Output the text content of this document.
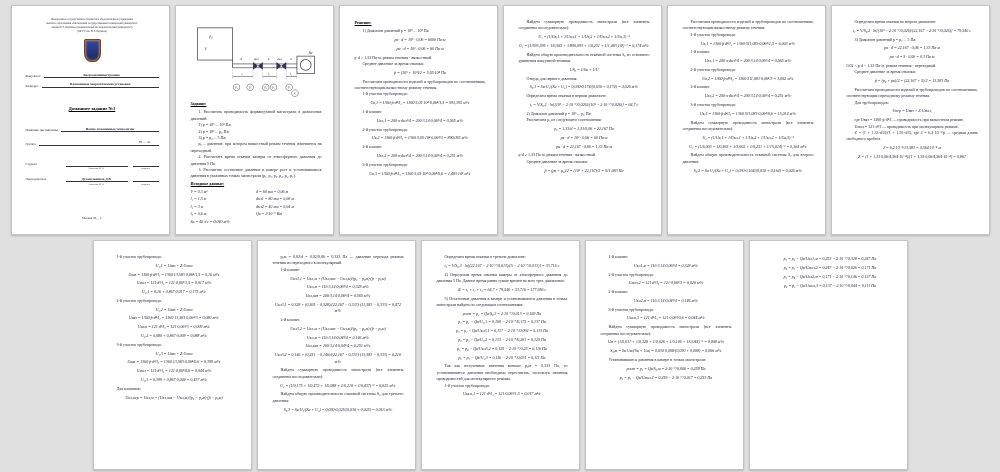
Федеральное государственное бюджетное образовательное учреждение
высшего образования «Московский государственный технический университет
имени Н.Э. Баумана» (национальный исследовательский университет)
(МГТУ им. Н.Э. Баумана)
Факультет:	Энергомашиностроение
Кафедра:	Плазменные энергетические установки
Домашнее задание №1
Название дисциплины	Ионно-плазменные технологии
Группа	Э8 — 41
Студент
Фамилия И. О.	подпись
Преподаватель	Духопельников Д.В.
Фамилия И. О.	подпись
Москва 20__ г.
p₀
V
Sн
d	dкл	d	dкл	d
l₁	l₂	l₃
P₁	P₂	P₃	P₄	P₅
P₆
Задание:
1. Рассчитать проводимость форвакуумной магистрали в диапазонах давлений:
1) p = 10⁵ ... 10³ Па;
2) p = 10³ ... p₀ Па;
3) p = p₀ ... 5 Па;
p₀ – давление, при котором вязкостный режим течения изменяется на переходный.
2. Рассчитать время откачки камеры от атмосферного давления до давления 5 Па.
3. Рассчитать остаточное давление в камере pост и установившиеся давления в указанных точках магистрали (p₁, p₂, p₃, p₄, p₅, p₆).
Исходные данные:
V = 0,3 м³	d = 60 мм = 0,06 м
l₁ = 1,5 м	dкл1 = 80 мм = 0,08 м
l₂ = 3 м	dкл2 = 40 мм = 0,04 м
l₃ = 0,6 м	Qв = 2·10⁻⁷ Вт
Sн = 40 л/с = 0,040 м³/с
Решение:
1) Диапазон давлений p = 10⁵ ... 10³ Па:
pв · d = 10⁵ · 0,06 = 6000 Па·м
pн · d = 10³ · 0,06 = 60 Па·м
p·d > 1,33 Па·м, режим течения - вязкостный.
Среднее давление за время откачки:
p̄ = (10⁵ + 10³)/2 = 5,05·10⁴ Па
Рассчитаем проводимости изделий и трубопроводов по соотношениям, соответствующим вязкостному режиму течения.
1-й участок трубопровода:
Uв,1 = 1360·p̄·d⁴/l₁ = 1360·5,05·10⁴·0,06⁴/1,5 = 593,395 м³/с
1-й клапан:
Uкл,1 = 200·π·dкл²/4 = 200·3,14·0,06²/4 = 0,565 м³/с
2-й участок трубопровода:
Uв,2 = 1360·p̄·d⁴/l₂ = 1360·5,05·10⁴·0,06⁴/3 = 890,093 м³/с
2-й клапан:
Uкл,2 = 200·π·dкл²/4 = 200·3,14·0,04²/4 = 0,251 м³/с
3-й участок трубопровода:
Uв,3 = 1360·p̄·d⁴/l₃ = 1360·5,05·10⁴·0,06⁴/0,6 = 1,483·10³ м³/с
Найдем суммарную проводимость магистрали (все элементы соединены последовательно):
U₁ = (1/Uв,1 + 1/Uкл,1 + 1/Uв,2 + 1/Uкл,2 + 1/Uв,3)⁻¹
U₁ = (1/593,395 + 1/0,565 + 1/890,093 + 1/0,251 + 1/1,483·10³)⁻¹ = 0,174 м³/с
Найдем общую производительность откачной системы S₀ из основного уравнения вакуумной техники:
1/S₀ = 1/Sн + 1/U
Откуда для первого давления:
S₀,1 = Sн·U₁/(Sн + U₁) = 0,030·0,174/(0,030 + 0,174) = 0,026 м³/с
Определим время откачки в первом диапазоне:
t₁ = V/S₀,1 · ln[(10⁵ − 2·10⁻⁷/0,026)/(10³ − 2·10⁻⁷/0,026)] = 64,7 с
2) Диапазон давлений p = 10³ ... p₀ Па:
Рассчитаем p₀ из следующего соотношения:
p₀ = 1,33/d = 1,33/0,06 = 22,167 Па
pв · d = 10³ · 0,06 = 60 Па·м
pн · d = 22,167 · 0,06 = 1,33 Па·м
p·d ≥ 1,33 Па·м, режим течения - вязкостный.
Среднее давление за время откачки:
p̄ = (pв + p₀)/2 = (10³ + 22,167)/2 = 511,083 Па
Рассчитаем проводимости изделий и трубопроводов по соотношениям, соответствующим вязкостному режиму течения:
1-й участок трубопровода:
Uв,1 = 1360·p̄·d⁴/l₁ = 1360·511,083·0,06⁴/1,5 = 6,003 м³/с
1-й клапан:
Uкл,1 = 200·π·dкл²/4 = 200·3,14·0,06²/4 = 0,565 м³/с
2-й участок трубопровода:
Uв,2 = 1360·p̄·d⁴/l₂ = 1360·511,083·0,06⁴/3 = 3,002 м³/с
2-й клапан:
Uкл,2 = 200·π·dкл²/4 = 200·3,14·0,04²/4 = 0,251 м³/с
3-й участок трубопровода:
Uв,3 = 1360·p̄·d⁴/l₃ = 1360·511,083·0,06⁴/0,6 = 15,014 м³/с
Найдем суммарную проводимость магистрали (все элементы соединены последовательно):
U₂ = (1/Uв,1 + 1/Uкл,1 + 1/Uв,2 + 1/Uкл,2 + 1/Uв,3)⁻¹
U₂ = (1/6,003 + 1/0,565 + 1/3,002 + 1/0,251 + 1/15,014)⁻¹ = 0,164 м³/с
Найдем общую производительность откачной системы S₀ для второго давления:
S₀,2 = Sн·U₂/(Sн + U₂) = 0,030·0,164/(0,030 + 0,164) = 0,026 м³/с
Определим время откачки во втором диапазоне:
t₂ = V/S₀,2 · ln[(10³ − 2·10⁻⁷/0,026)/(22,167 − 2·10⁻⁷/0,026)] = 79,540 с
3) Диапазон давлений p = p₀ ... 5 Па:
pв · d = 22,167 · 0,06 = 1,33 Па·м
pн · d = 5 · 0,06 = 0,3 Па·м
0,02 < p·d < 1,33 Па·м, режим течения - переходный.
Среднее давление за время откачки:
p̄ = (p₀ + pк)/2 = (22,167 + 5)/2 = 13,583 Па
Рассчитаем проводимости изделий и трубопроводов по соотношениям, соответствующим переходному режиму течения.
Для трубопроводов:
Uпер = Uвяз + Z·Uмол,
где Uвяз = 1360·p̄·d⁴/l — проводимость при вязкостном режиме,
Uмол = 121·d³/l — проводимость при молекулярном режиме,
Z = (1 + 1,33·d/λ̄)/(1 + 1,55·d/λ̄), где λ̄ = 6,2·10⁻³/p̄ — средняя длина свободного пробега.
λ̄ = 6,2·10⁻³/13,583 = 4,564·10⁻⁴ м
Z = (1 + 1,33·0,06/4,564·10⁻⁴)/(1 + 1,55·0,06/4,564·10⁻⁴) = 0,867
1-й участок трубопровода:
U₃,1 = Uвяз + Z·Uмол
Uвяз = 1360·p̄·d⁴/l₁ = 1360·13,583·0,06⁴/1,5 = 0,16 м³/с
Uмол = 121·d³/l₁ = 121·0,06³/1,5 = 0,017 м³/с
U₃,1 = 0,16 + 0,867·0,017 = 0,175 м³/с
2-й участок трубопровода:
U₃,2 = Uвяз + Z·Uмол
Uвяз = 1360·p̄·d⁴/l₂ = 1360·13,583·0,06⁴/3 = 0,080 м³/с
Uмол = 121·d³/l₂ = 121·0,06³/3 = 0,009 м³/с
U₃,2 = 0,080 + 0,867·0,009 = 0,088 м³/с
3-й участок трубопровода:
U₃,3 = Uвяз + Z·Uмол
Uвяз = 1360·p̄·d⁴/l₃ = 1360·13,583·0,06⁴/0,6 = 0,399 м³/с
Uмол = 121·d³/l₃ = 121·0,06³/0,6 = 0,044 м³/с
U₃,3 = 0,399 + 0,867·0,044 = 0,437 м³/с
Для клапанов:
Uкл,пер = Uкл,м + (Uкл,вяз − Uкл,м)/(p₀ − p₀м)·(p̄ − p₀м)
p₀м = 0,02/d = 0,02/0,06 = 0,333 Па — давление перехода режима течения из переходного в молекулярный.
1-й клапан:
Uкл3,1 = Uкл,м + (Uкл,вяз − Uкл,м)/(p₀ − p₀м)·(p̄ − p₀м)
Uкл,м = 116·3,14·0,06²/4 = 0,328 м³/с
Uкл,вяз = 200·3,14·0,06²/4 = 0,565 м³/с
Uкл3,1 = 0,328 + (0,565 − 0,328)/(22,167 − 0,333)·(13,583 − 0,333) = 0,472 м³/с
2-й клапан:
Uкл3,2 = Uкл,м + (Uкл,вяз − Uкл,м)/(p₀ − p₀м)·(p̄ − p₀м)
Uкл,м = 116·3,14·0,04²/4 = 0,146 м³/с
Uкл,вяз = 200·3,14·0,04²/4 = 0,251 м³/с
Uкл3,2 = 0,146 + (0,251 − 0,146)/(22,167 − 0,333)·(13,583 − 0,333) = 0,210 м³/с
Найдем суммарную проводимость магистрали (все элементы соединены последовательно):
U₃ = (1/0,175 + 1/0,472 + 1/0,088 + 1/0,210 + 1/0,437)⁻¹ = 0,025 м³/с
Найдем общую производительность откачной системы S₀ для третьего давления:
S₀,3 = Sн·U₃/(Sн + U₃) = 0,030·0,025/(0,030 + 0,025) = 0,013 м³/с
Определим время откачки в третьем диапазоне:
t₃ = V/S₀,3 · ln[(22,167 − 2·10⁻⁷/0,013)/(5 − 2·10⁻⁷/0,013)] = 33,716 с
4) Определим время откачки камеры от атмосферного давления до давления 5 Па. Данное время равно сумме времен на всех трех диапазонах:
tΣ = t₁ + t₂ + t₃ = 64,7 + 79,540 + 33,716 = 177,956 с
5) Остаточные давления в камере и установившиеся давления в точках магистрали найдем по следующим соотношениям:
pост = p₁ = Qв/S₀,3 = 2·10⁻⁷/0,013 = 0,169 Па
p₂ = p₁ − Qв/U₃,1 = 0,169 − 2·10⁻⁷/0,175 = 0,137 Па
p₃ = p₂ − Qв/Uкл3,1 = 0,137 − 2·10⁻⁷/0,092 = 0,133 Па
p₄ = p₃ − Qв/U₃,2 = 0,133 − 2·10⁻⁷/0,261 = 0,125 Па
p₅ = p₄ − Qв/Uкл3,2 = 0,125 − 2·10⁻⁷/0,25 = 0,116 Па
p₆ = p₅ − Qв/U₃,3 = 0,116 − 2·10⁻⁷/0,031 = 0,111 Па
Так как полученные значения меньше p₀м = 0,333 Па, то установившиеся давления необходимо пересчитать, используя значения проводимостей для молекулярного режима.
1-й участок трубопровода:
Uмол,1 = 121·d³/l₁ = 121·0,06³/1,5 = 0,017 м³/с
1-й клапан:
Uкл1,м = 116·3,14·0,06²/4 = 0,328 м³/с
2-й участок трубопровода:
Uмол,2 = 121·d³/l₂ = 121·0,06³/3 = 0,026 м³/с
2-й клапан:
Uкл2,м = 116·3,14·0,04²/4 = 0,146 м³/с
3-й участок трубопровода:
Uмол,3 = 121·d³/l₃ = 121·0,06³/0,6 = 0,044 м³/с
Найдем суммарную проводимость магистрали (все элементы соединены последовательно):
Uм = (1/0,017 + 1/0,328 + 1/0,026 + 1/0,146 + 1/0,044)⁻¹ = 0,008 м³/с
S₀,м = Sн·Uм/(Sн + Uм) = 0,030·0,008/(0,030 + 0,008) = 0,006 м³/с
Установившиеся давления в камере и точках магистрали:
pост = p₁ = Qв/S₀,м = 2·10⁻⁷/0,006 = 0,259 Па
p₂ = p₁ − Qв/Uмол,1 = 0,259 − 2·10⁻⁷/0,017 = 0,253 Па
p₃ = p₂ − Qв/Uкл1,м = 0,253 − 2·10⁻⁷/0,328 = 0,247 Па
p₄ = p₃ − Qв/Uмол,2 = 0,247 − 2·10⁻⁷/0,026 = 0,171 Па
p₅ = p₄ − Qв/Uкл2,м = 0,171 − 2·10⁻⁷/0,146 = 0,137 Па
p₆ = p₅ − Qв/Uмол,3 = 0,137 − 2·10⁻⁷/0,044 = 0,111 Па
